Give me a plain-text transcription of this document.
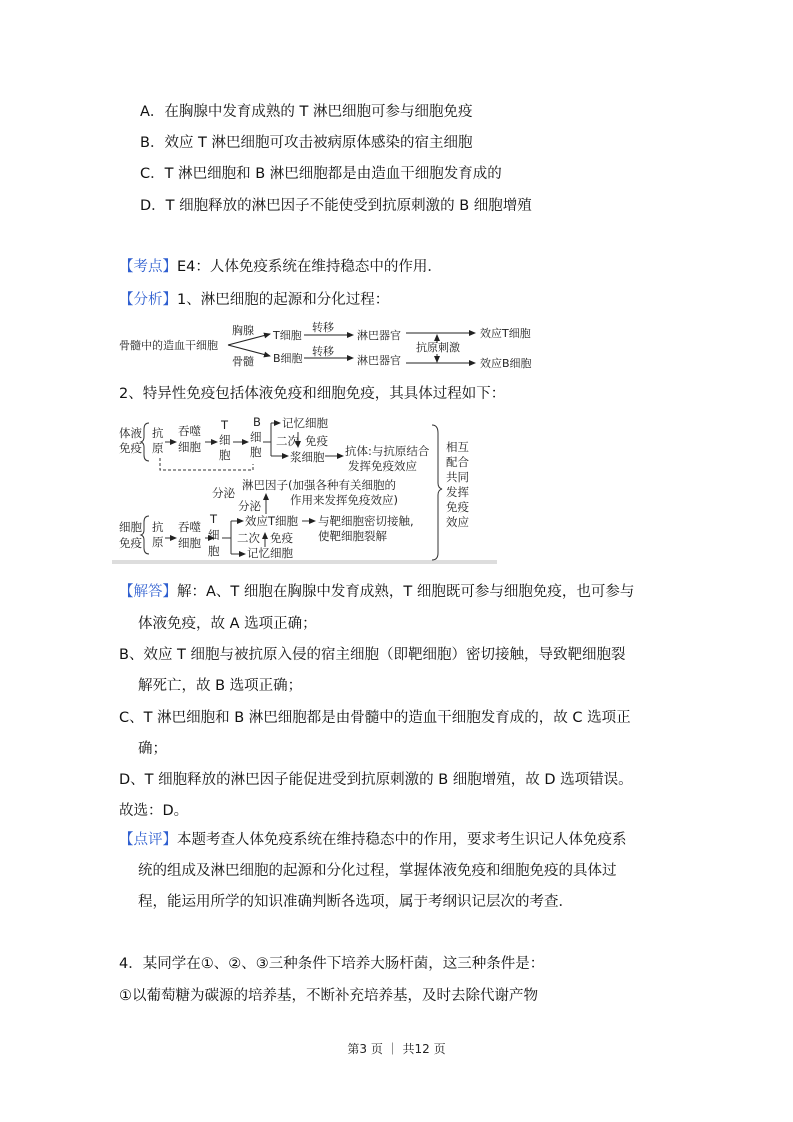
A．在胸腺中发育成熟的 T 淋巴细胞可参与细胞免疫
B．效应 T 淋巴细胞可攻击被病原体感染的宿主细胞
C．T 淋巴细胞和 B 淋巴细胞都是由造血干细胞发育成的
D．T 细胞释放的淋巴因子不能使受到抗原刺激的 B 细胞增殖
【考点】E4：人体免疫系统在维持稳态中的作用．
【分析】1、淋巴细胞的起源和分化过程：
骨髓中的造血干细胞
胸腺
骨髓
T细胞
B细胞
转移
转移
淋巴器官
淋巴器官
抗原刺激
效应T细胞
效应B细胞
2、特异性免疫包括体液免疫和细胞免疫，其具体过程如下：
体液
免疫
抗
原
吞噬
细胞
T
细
胞
B
细
胞
记忆细胞
二次 免疫
浆细胞 抗体:与抗原结合
发挥免疫效应
淋巴因子(加强各种有关细胞的
作用来发挥免疫效应)
分泌
分泌
细胞
免疫
抗
原
吞噬
细胞
T
细
胞
效应T细胞 与靶细胞密切接触,
使靶细胞裂解
二次 免疫
记忆细胞
相互
配合
共同
发挥
免疫
效应
【解答】解：A、T 细胞在胸腺中发育成熟，T 细胞既可参与细胞免疫，也可参与
体液免疫，故 A 选项正确；
B、效应 T 细胞与被抗原入侵的宿主细胞（即靶细胞）密切接触，导致靶细胞裂
解死亡，故 B 选项正确；
C、T 淋巴细胞和 B 淋巴细胞都是由骨髓中的造血干细胞发育成的，故 C 选项正
确；
D、T 细胞释放的淋巴因子能促进受到抗原刺激的 B 细胞增殖，故 D 选项错误。
故选：D。
【点评】本题考查人体免疫系统在维持稳态中的作用，要求考生识记人体免疫系
统的组成及淋巴细胞的起源和分化过程，掌握体液免疫和细胞免疫的具体过
程，能运用所学的知识准确判断各选项，属于考纲识记层次的考查．
4．某同学在①、②、③三种条件下培养大肠杆菌，这三种条件是：
①以葡萄糖为碳源的培养基，不断补充培养基，及时去除代谢产物
第3 页 ｜ 共12 页
